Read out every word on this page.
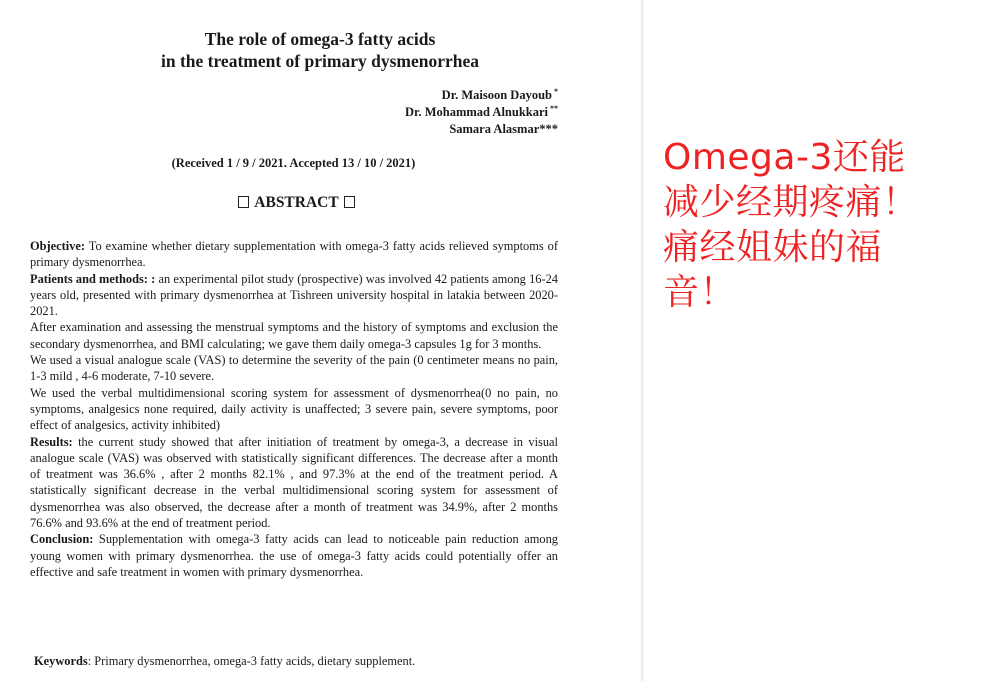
The role of omega-3 fatty acids
in the treatment of primary dysmenorrhea
Dr. Maisoon Dayoub *
Dr. Mohammad Alnukkari **
Samara Alasmar***
(Received 1 / 9 / 2021. Accepted 13 / 10 / 2021)
ABSTRACT

Objective: To examine whether dietary supplementation with omega-3 fatty acids relieved symptoms of primary dysmenorrhea.

Patients and methods: : an experimental pilot study (prospective) was involved 42 patients among 16-24 years old, presented with primary dysmenorrhea at Tishreen university hospital in latakia between 2020-2021.

After examination and assessing the menstrual symptoms and the history of symptoms and exclusion the secondary dysmenorrhea, and BMI calculating; we gave them daily omega-3 capsules 1g for 3 months.

We used a visual analogue scale (VAS) to determine the severity of the pain (0 centimeter means no pain, 1-3 mild , 4-6 moderate, 7-10 severe.

We used the verbal multidimensional scoring system for assessment of dysmenorrhea(0 no pain, no symptoms, analgesics none required, daily activity is unaffected; 3 severe pain, severe symptoms, poor effect of analgesics, activity inhibited)

Results: the current study showed that after initiation of treatment by omega-3, a decrease in visual analogue scale (VAS) was observed with statistically significant differences. The decrease after a month of treatment was 36.6% , after 2 months 82.1% , and 97.3% at the end of the treatment period. A statistically significant decrease in the verbal multidimensional scoring system for assessment of dysmenorrhea was also observed, the decrease after a month of treatment was 34.9%, after 2 months 76.6% and 93.6% at the end of treatment period.

Conclusion: Supplementation with omega-3 fatty acids can lead to noticeable pain reduction among young women with primary dysmenorrhea. the use of omega-3 fatty acids could potentially offer an effective and safe treatment in women with primary dysmenorrhea.

Keywords: Primary dysmenorrhea, omega-3 fatty acids, dietary supplement.
Omega-3还能
减少经期疼痛！
痛经姐妹的福
音！
